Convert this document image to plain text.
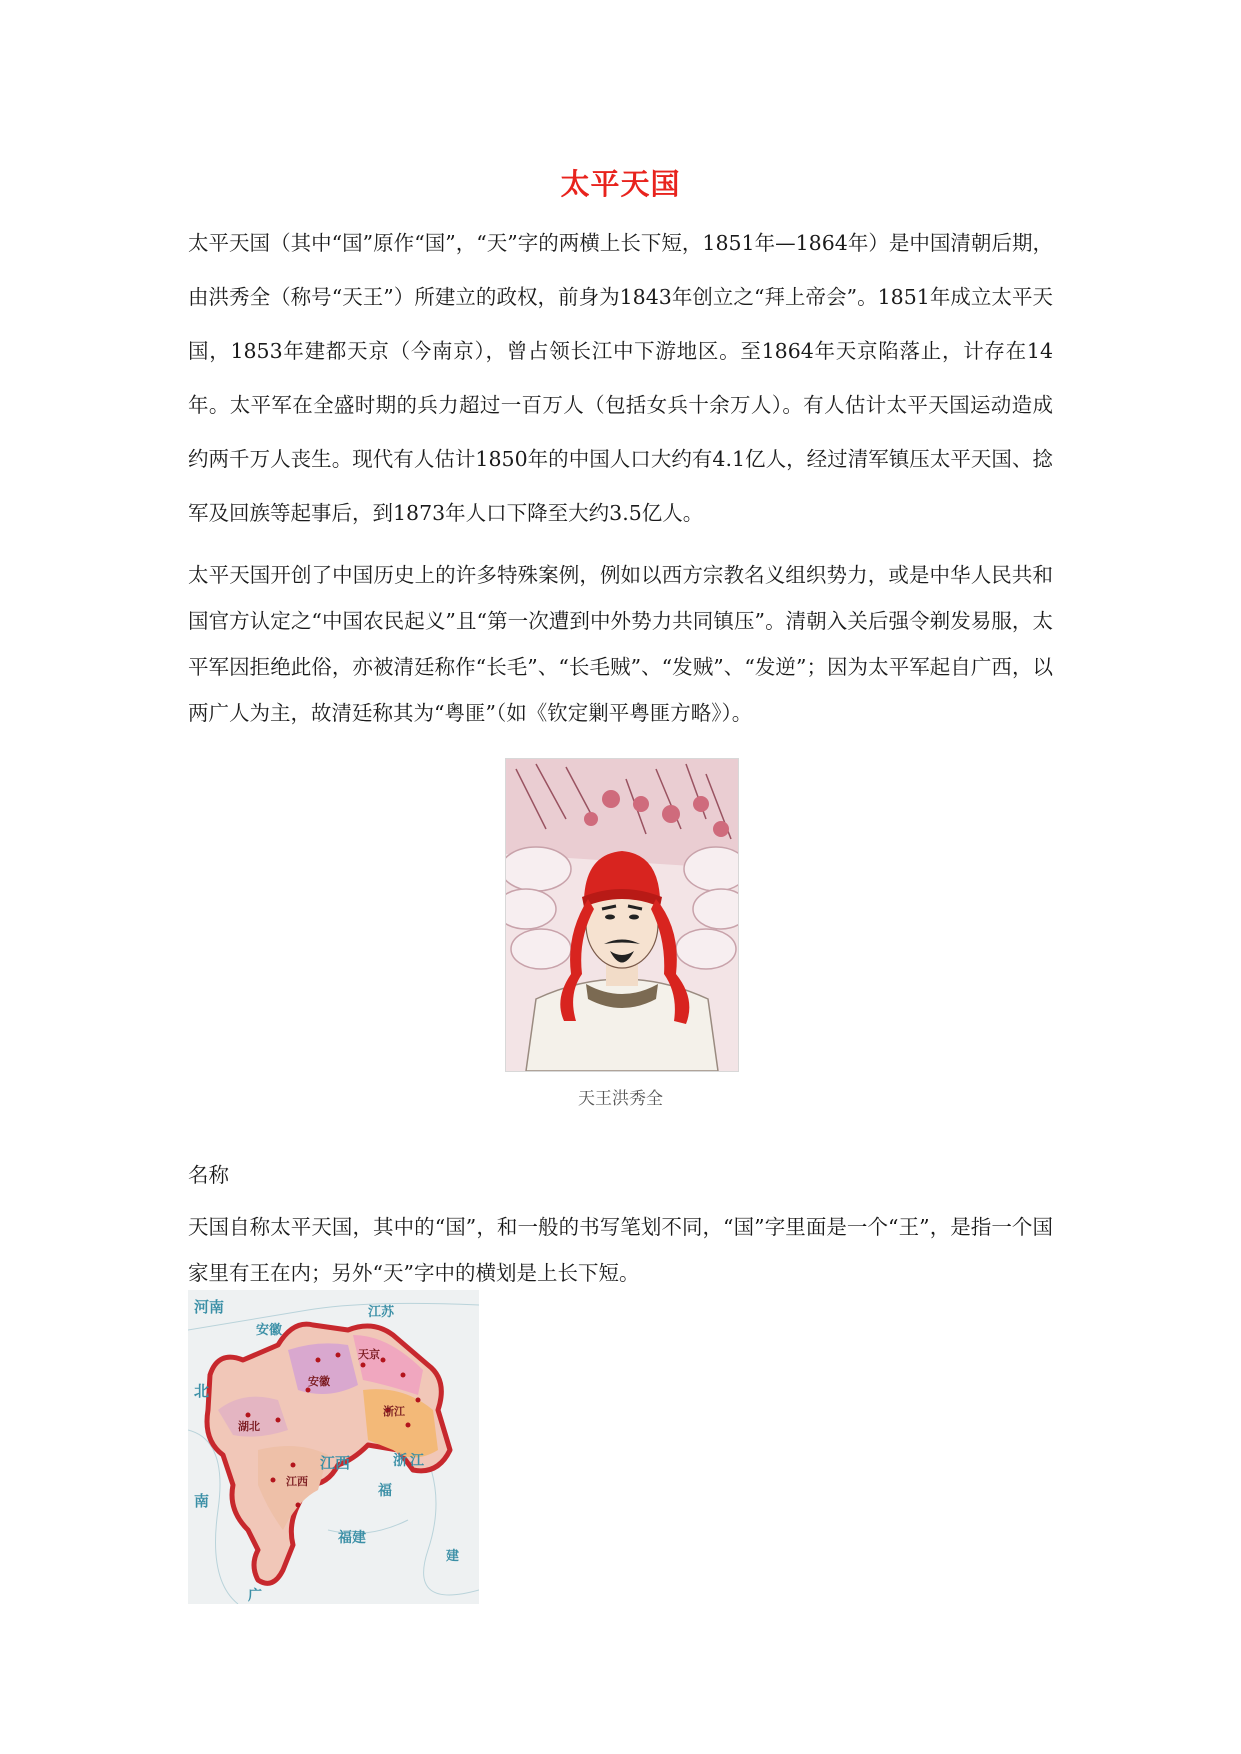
太平天国

太平天国（其中“国”原作“国”，“天”字的两横上长下短，1851年—1864年）是中国清朝后期，由洪秀全（称号“天王”）所建立的政权，前身为1843年创立之“拜上帝会”。1851年成立太平天国，1853年建都天京（今南京），曾占领长江中下游地区。至1864年天京陷落止，计存在14年。太平军在全盛时期的兵力超过一百万人（包括女兵十余万人）。有人估计太平天国运动造成约两千万人丧生。现代有人估计1850年的中国人口大约有4.1亿人，经过清军镇压太平天国、捻军及回族等起事后，到1873年人口下降至大约3.5亿人。

太平天国开创了中国历史上的许多特殊案例，例如以西方宗教名义组织势力，或是中华人民共和国官方认定之“中国农民起义”且“第一次遭到中外势力共同镇压”。清朝入关后强令剃发易服，太平军因拒绝此俗，亦被清廷称作“长毛”、“长毛贼”、“发贼”、“发逆”；因为太平军起自广西，以两广人为主，故清廷称其为“粤匪”（如《钦定剿平粤匪方略》）。

天王洪秀全
名称

天国自称太平天国，其中的“国”，和一般的书写笔划不同，“国”字里面是一个“王”，是指一个国家里有王在内；另外“天”字中的横划是上长下短。

河南
安徽
江苏
北
南
江西
福
福建
建
广
湖北
安徽
天京
浙江
江西
浙 江
